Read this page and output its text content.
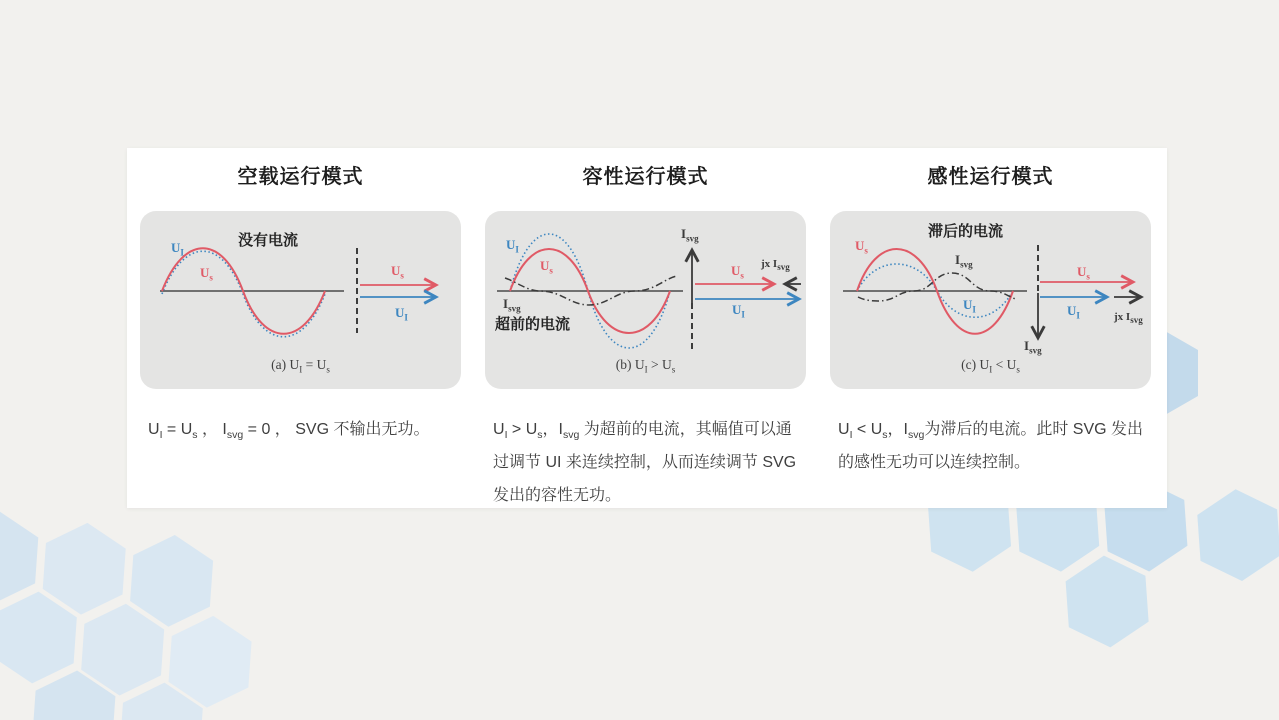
空载运行模式
没有电流
$U_I$
$U_s$	$U_s$
$U_I$
(a) $U_I = U_s$

$U_I = U_s$ ， $I_{svg} = 0$ ， SVG 不输出无功。

容性运行模式
$U_I$
$U_s$
$I_{svg}$
超前的电流
$I_{svg}$
$U_s$
jx $I_{svg}$
$U_I$
(b) $U_I > U_s$

$U_I > U_s$，$I_{svg}$ 为超前的电流，其幅值可以通过调节 UI 来连续控制，从而连续调节 SVG 发出的容性无功。

感性运行模式
滞后的电流
$U_s$
$I_{svg}$
$U_I$
$U_s$
$U_I$	jx $I_{svg}$
$I_{svg}$
(c) $U_I < U_s$

$U_I < U_s$，$I_{svg}$为滞后的电流。此时 SVG 发出的感性无功可以连续控制。
